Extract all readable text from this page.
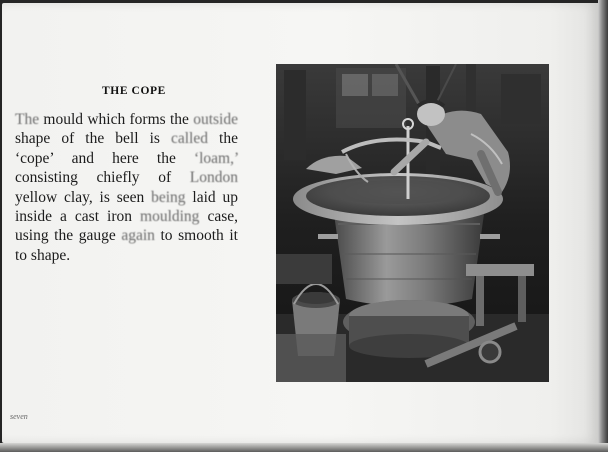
THE COPE

The mould which forms the outside shape of the bell is called the ‘cope’ and here the ‘loam,’ consisting chiefly of London yellow clay, is seen being laid up inside a cast iron moulding case, using the gauge again to smooth it to shape.

seven
